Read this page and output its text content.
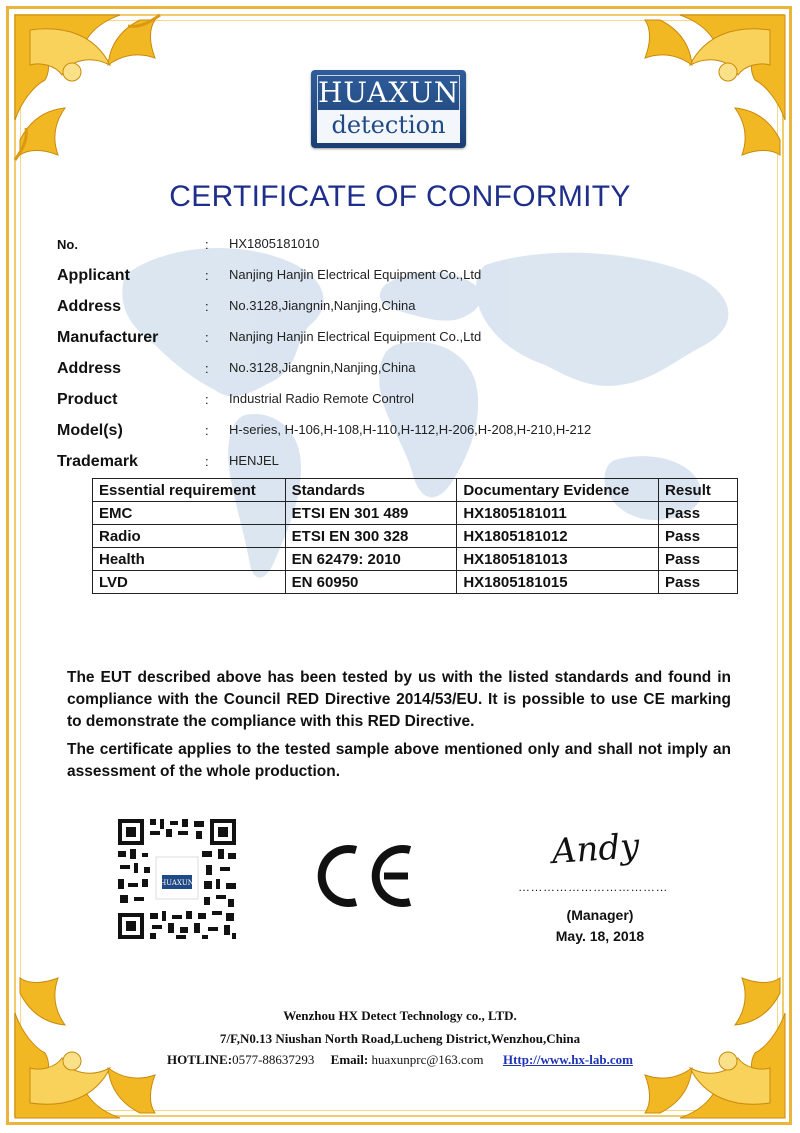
HUAXUN
detection
CERTIFICATE OF CONFORMITY
No.	: HX1805181010
Applicant	: Nanjing Hanjin Electrical Equipment Co.,Ltd
Address	: No.3128,Jiangnin,Nanjing,China
Manufacturer	: Nanjing Hanjin Electrical Equipment Co.,Ltd
Address	: No.3128,Jiangnin,Nanjing,China
Product	: Industrial Radio Remote Control
Model(s)	: H-series, H-106,H-108,H-110,H-112,H-206,H-208,H-210,H-212
Trademark	: HENJEL
Essential requirement	Standards	Documentary Evidence	Result
EMC	ETSI EN 301 489	HX1805181011	Pass
Radio	ETSI EN 300 328	HX1805181012	Pass
Health	EN 62479: 2010	HX1805181013	Pass
LVD	EN 60950	HX1805181015	Pass
The EUT described above has been tested by us with the listed standards and found in compliance with the Council RED Directive 2014/53/EU. It is possible to use CE marking to demonstrate the compliance with this RED Directive.
The certificate applies to the tested sample above mentioned only and shall not imply an assessment of the whole production.
HUAXUN
Andy
………………………………
(Manager)
May. 18, 2018
Wenzhou HX Detect Technology co., LTD.
7/F,N0.13 Niushan North Road,Lucheng District,Wenzhou,China
HOTLINE:0577-88637293 Email: huaxunprc@163.com Http://www.hx-lab.com
